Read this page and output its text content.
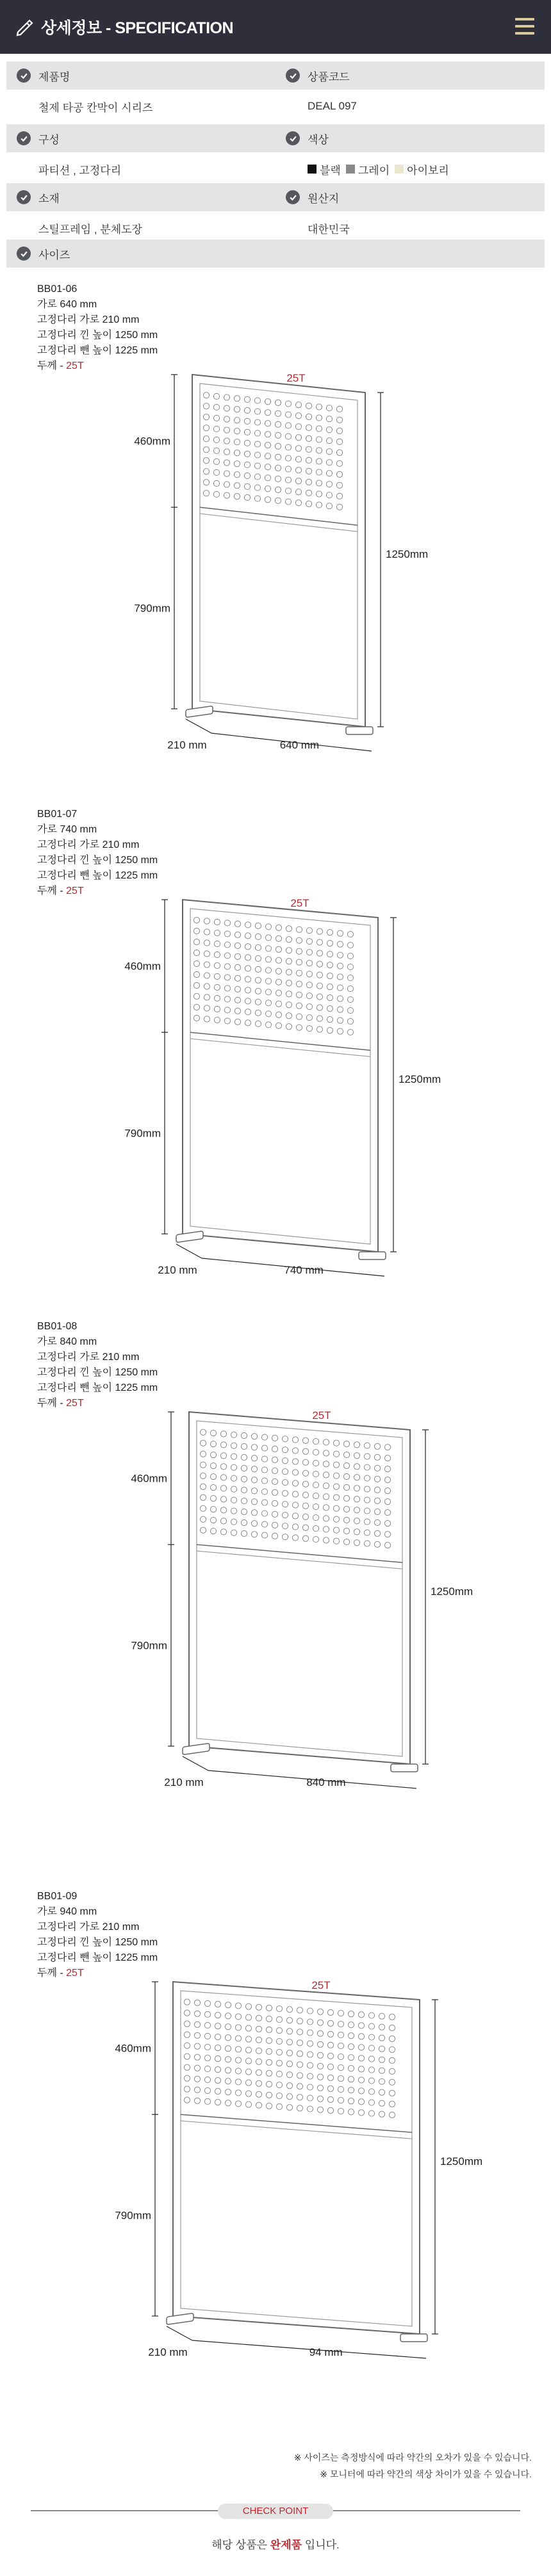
상세정보 - SPECIFICATION
제품명	상품코드
철제 타공 칸막이 시리즈	DEAL 097
구성	색상
파티션 , 고정다리	블랙 그레이 아이보리
소재	원산지
스틸프레임 , 분체도장	대한민국
사이즈
BB01-06
가로 640 mm
고정다리 가로 210 mm
고정다리 낀 높이 1250 mm
고정다리 뺀 높이 1225 mm
두께 - 25T
460mm
790mm
1250mm
640 mm
210 mm
25T
BB01-07
가로 740 mm
고정다리 가로 210 mm
고정다리 낀 높이 1250 mm
고정다리 뺀 높이 1225 mm
두께 - 25T
460mm
790mm
1250mm
740 mm
210 mm
25T
BB01-08
가로 840 mm
고정다리 가로 210 mm
고정다리 낀 높이 1250 mm
고정다리 뺀 높이 1225 mm
두께 - 25T
460mm
790mm
1250mm
840 mm
210 mm
25T
BB01-09
가로 940 mm
고정다리 가로 210 mm
고정다리 낀 높이 1250 mm
고정다리 뺀 높이 1225 mm
두께 - 25T
460mm
790mm
1250mm
94 mm
210 mm
25T
※ 사이즈는 측정방식에 따라 약간의 오차가 있을 수 있습니다.
※ 모니터에 따라 약간의 색상 차이가 있을 수 있습니다.
CHECK POINT
해당 상품은 완제품 입니다.
